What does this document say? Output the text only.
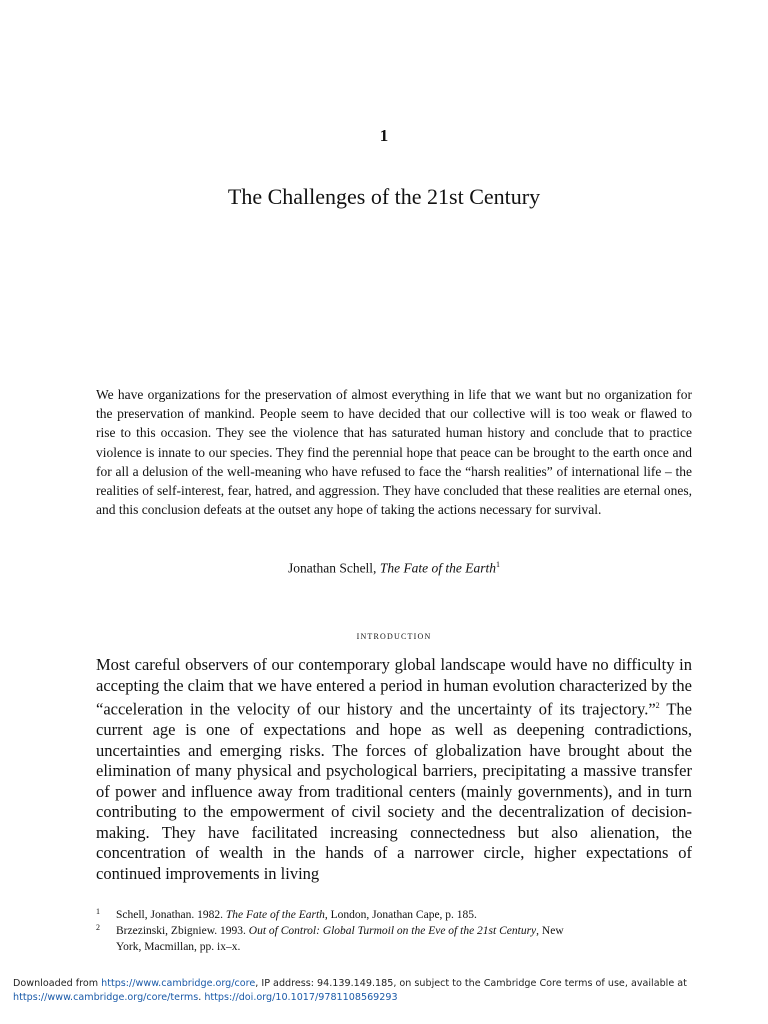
1
The Challenges of the 21st Century
We have organizations for the preservation of almost everything in life that we want but no organization for the preservation of mankind. People seem to have decided that our collective will is too weak or flawed to rise to this occasion. They see the violence that has saturated human history and conclude that to practice violence is innate to our species. They find the perennial hope that peace can be brought to the earth once and for all a delusion of the well-meaning who have refused to face the “harsh realities” of international life – the realities of self-interest, fear, hatred, and aggression. They have concluded that these realities are eternal ones, and this conclusion defeats at the outset any hope of taking the actions necessary for survival.
Jonathan Schell, The Fate of the Earth$^1$
introduction
Most careful observers of our contemporary global landscape would have no difficulty in accepting the claim that we have entered a period in human evolution characterized by the “acceleration in the velocity of our history and the uncertainty of its trajectory.”$^2$ The current age is one of expectations and hope as well as deepening contradictions, uncertainties and emerging risks. The forces of globalization have brought about the elimination of many physical and psychological barriers, precipitating a massive transfer of power and influence away from traditional centers (mainly governments), and in turn contributing to the empowerment of civil society and the decentralization of decision-making. They have facilitated increasing connectedness but also alienation, the concentration of wealth in the hands of a narrower circle, higher expectations of continued improvements in living
1 Schell, Jonathan. 1982. The Fate of the Earth, London, Jonathan Cape, p. 185.
2 Brzezinski, Zbigniew. 1993. Out of Control: Global Turmoil on the Eve of the 21st Century, New
York, Macmillan, pp. ix–x.
Downloaded from https://www.cambridge.org/core, IP address: 94.139.149.185, on subject to the Cambridge Core terms of use, available at
https://www.cambridge.org/core/terms. https://doi.org/10.1017/9781108569293
